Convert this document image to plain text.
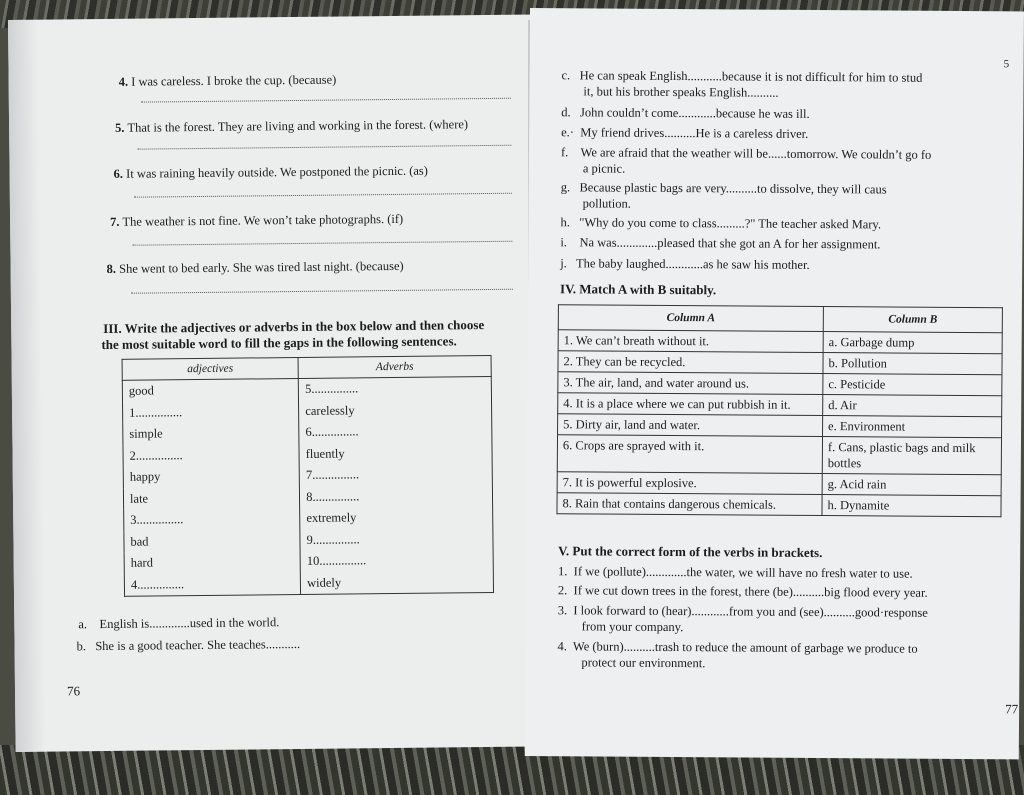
4. I was careless. I broke the cup. (because)
5. That is the forest. They are living and working in the forest. (where)
6. It was raining heavily outside. We postponed the picnic. (as)
7. The weather is not fine. We won’t take photographs. (if)
8. She went to bed early. She was tired last night. (because)
III. Write the adjectives or adverbs in the box below and then choose
the most suitable word to fill the gaps in the following sentences.
adjectives	Adverbs
good	5...............
1...............	carelessly
simple	6...............
2...............	fluently
happy	7...............
late	8...............
3...............	extremely
bad	9...............
hard	10...............
4...............	widely
a. English is.............used in the world.
b. She is a good teacher. She teaches...........
76
5
c. He can speak English...........because it is not difficult for him to stud
it, but his brother speaks English..........
d. John couldn’t come............because he was ill.
e.· My friend drives..........He is a careless driver.
f. We are afraid that the weather will be......tomorrow. We couldn’t go fo
a picnic.
g. Because plastic bags are very..........to dissolve, they will caus
pollution.
h. "Why do you come to class.........?" The teacher asked Mary.
i. Na was.............pleased that she got an A for her assignment.
j. The baby laughed............as he saw his mother.
IV. Match A with B suitably.
Column A	Column B
1. We can’t breath without it.	a. Garbage dump
2. They can be recycled.	b. Pollution
3. The air, land, and water around us.	c. Pesticide
4. It is a place where we can put rubbish in it.	d. Air
5. Dirty air, land and water.	e. Environment
6. Crops are sprayed with it.	f. Cans, plastic bags and milk bottles
7. It is powerful explosive.	g. Acid rain
8. Rain that contains dangerous chemicals.	h. Dynamite
V. Put the correct form of the verbs in brackets.
1. If we (pollute).............the water, we will have no fresh water to use.
2. If we cut down trees in the forest, there (be)..........big flood every year.
3. I look forward to (hear)............from you and (see)..........good·response
from your company.
4. We (burn)..........trash to reduce the amount of garbage we produce to
protect our environment.
77
